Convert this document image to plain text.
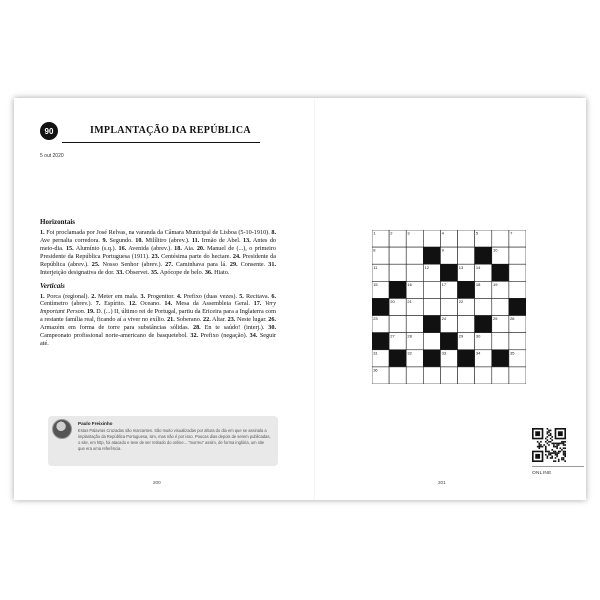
90	IMPLANTAÇÃO DA REPÚBLICA
5 out 2020
Horizontais
1. Foi proclamada por José Relvas, na varanda da Câmara Municipal de Lisboa (5-10-1910). 8. Ave pernalta corredora. 9. Segundo. 10. Milílitro (abrev.). 11. Irmão de Abel. 13. Antes do meio-dia. 15. Alumínio (s.q.). 16. Avenida (abrev.). 18. Aia. 20. Manuel de (...), o primeiro Presidente da República Portuguesa (1911). 23. Centésima parte do hectare. 24. Presidente da República (abrev.). 25. Nosso Senhor (abrev.). 27. Caminhava para lá. 29. Consente. 31. Interjeição designativa de dor. 33. Observei. 35. Apócope de belo. 36. Hiato.
Verticais
1. Porca (regional). 2. Meter em mala. 3. Progenitor. 4. Prefixo (duas vezes). 5. Recitava. 6. Centímetro (abrev.). 7. Espírito. 12. Oceano. 14. Mesa da Assembleia Geral. 17. Very Important Person. 19. D. (...) II, último rei de Portugal, partiu da Ericeira para a Inglaterra com a restante família real, ficando aí a viver no exílio. 21. Soberano. 22. Altar. 23. Neste lugar. 26. Armazém em forma de torre para substâncias sólidas. 28. En te saúdo! (interj.). 30. Campeonato profissional norte-americano de basquetebol. 32. Prefixo (negação). 34. Seguir até.
Paulo Freixinho
Estas Palavras Cruzadas são marcantes. São muito visualizadas por altura do dia em que se assinala a implantação da República Portuguesa, sim, mas não é por isso. Poucas dias depois de serem publicadas, o site, em http, foi atacado e teve de ser retirado do online... "morreu" assim, de forma inglória, um site que era uma referência.
200
1	2	3	4	5	7
8	9	10
11	12	13	14
15	16	17	18	19
20	21	22
23	24	25	26
27	28	29	30
31	32	33	34	35
36
ONLINE
201
